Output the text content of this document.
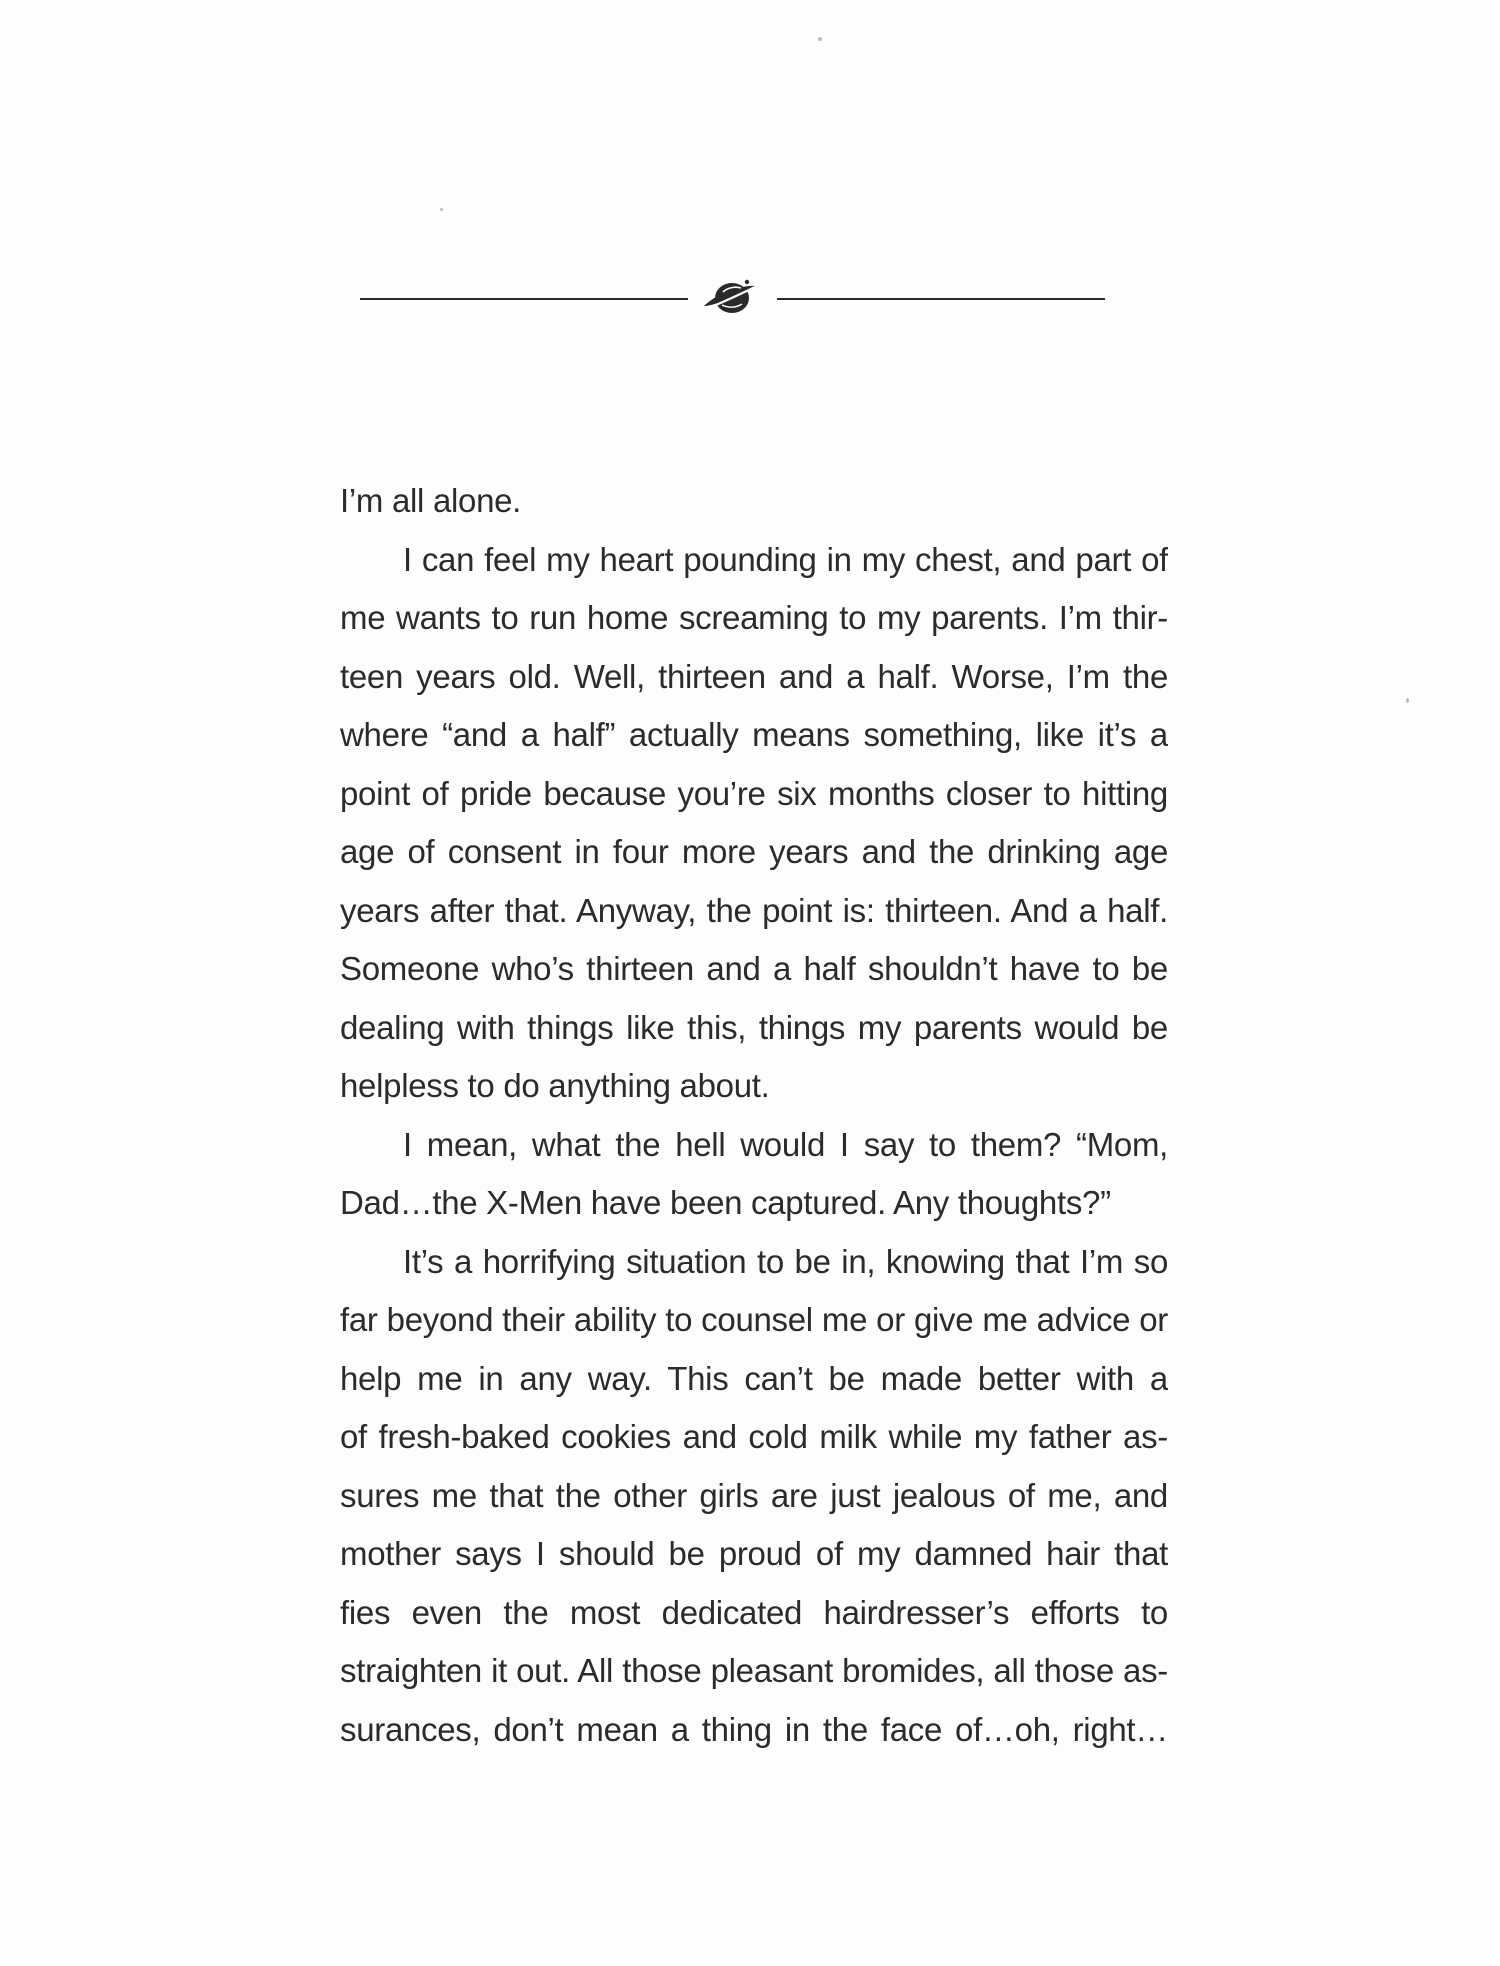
I’m all alone.
I can feel my heart pounding in my chest, and part of
me wants to run home screaming to my parents. I’m thir-
teen years old. Well, thirteen and a half. Worse, I’m the
where “and a half” actually means something, like it’s a
point of pride because you’re six months closer to hitting
age of consent in four more years and the drinking age
years after that. Anyway, the point is: thirteen. And a half.
Someone who’s thirteen and a half shouldn’t have to be
dealing with things like this, things my parents would be
helpless to do anything about.
I mean, what the hell would I say to them? “Mom,
Dad…the X-Men have been captured. Any thoughts?”
It’s a horrifying situation to be in, knowing that I’m so
far beyond their ability to counsel me or give me advice or
help me in any way. This can’t be made better with a
of fresh-baked cookies and cold milk while my father as-
sures me that the other girls are just jealous of me, and
mother says I should be proud of my damned hair that
fies even the most dedicated hairdresser’s efforts to
straighten it out. All those pleasant bromides, all those as-
surances, don’t mean a thing in the face of…oh, right…
